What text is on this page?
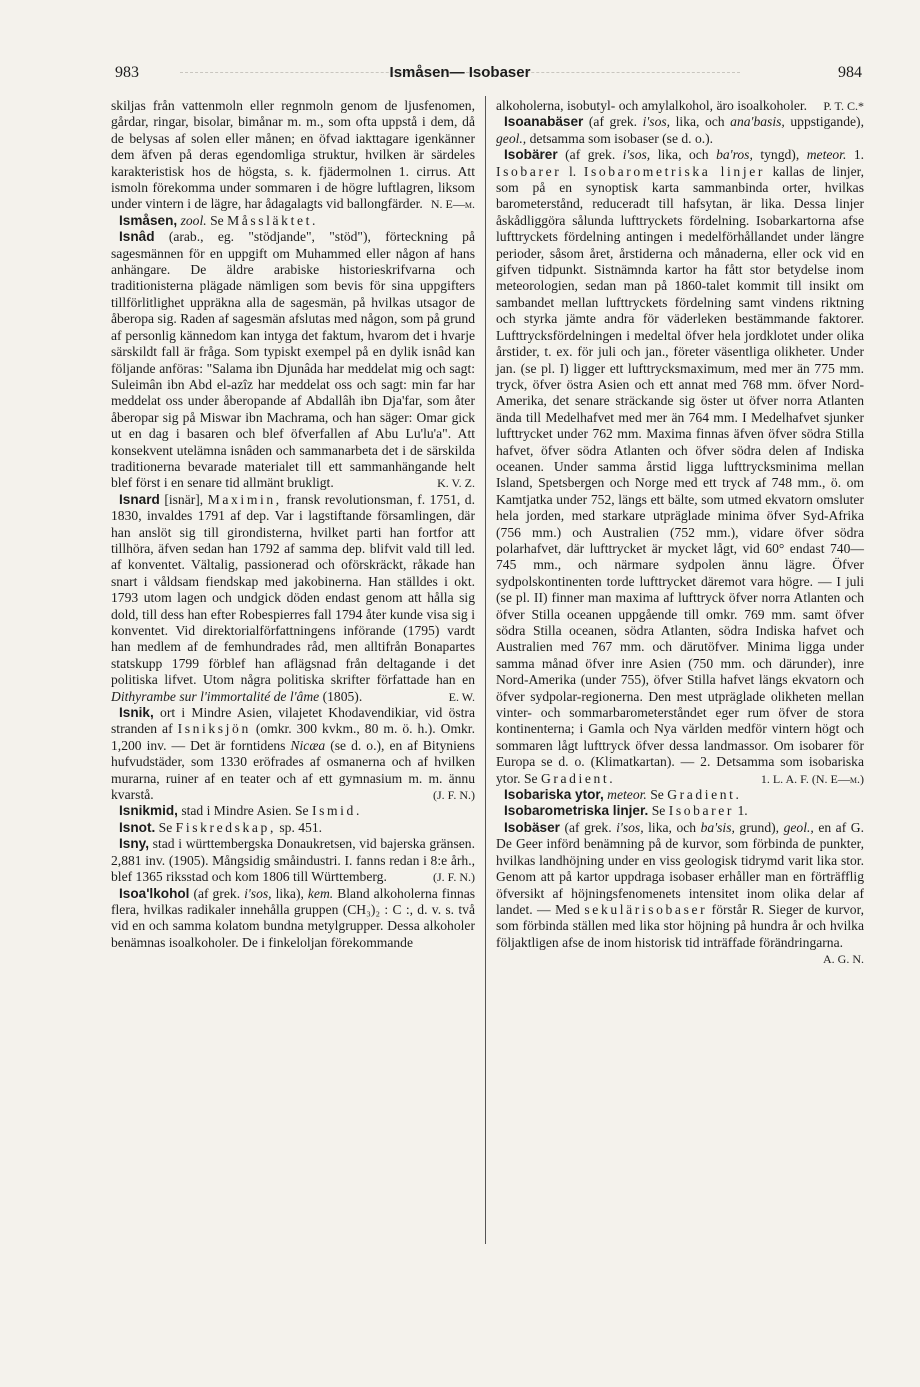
983	Ismåsen— Isobaser	984

skiljas från vattenmoln eller regnmoln genom de ljusfenomen, gårdar, ringar, bisolar, bimånar m. m., som ofta uppstå i dem, då de belysas af solen eller månen; en öfvad iakttagare igenkänner dem äfven på deras egendomliga struktur, hvilken är särdeles karakteristisk hos de högsta, s. k. fjädermolnen 1. cirrus. Att ismoln förekomma under sommaren i de högre luftlagren, liksom under vintern i de lägre, har ådagalagts vid ballongfärder. N. E—m.

Ismåsen, zool. Se Måssläktet.

Isnâd (arab., eg. "stödjande", "stöd"), förteckning på sagesmännen för en uppgift om Muhammed eller någon af hans anhängare. De äldre arabiske historieskrifvarna och traditionisterna plägade nämligen som bevis för sina uppgifters tillförlitlighet uppräkna alla de sagesmän, på hvilkas utsagor de åberopa sig. Raden af sagesmän afslutas med någon, som på grund af personlig kännedom kan intyga det faktum, hvarom det i hvarje särskildt fall är fråga. Som typiskt exempel på en dylik isnâd kan följande anföras: "Salama ibn Djunâda har meddelat mig och sagt: Suleimân ibn Abd el-azîz har meddelat oss och sagt: min far har meddelat oss under åberopande af Abdallâh ibn Dja'far, som åter åberopar sig på Miswar ibn Machrama, och han säger: Omar gick ut en dag i basaren och blef öfverfallen af Abu Lu'lu'a". Att konsekvent utelämna isnâden och sammanarbeta det i de särskilda traditionerna bevarade materialet till ett sammanhängande helt blef först i en senare tid allmänt brukligt.	K. V. Z.

Isnard [isnär], Maximin, fransk revolutionsman, f. 1751, d. 1830, invaldes 1791 af dep. Var i lagstiftande församlingen, där han anslöt sig till girondisterna, hvilket parti han fortfor att tillhöra, äfven sedan han 1792 af samma dep. blifvit vald till led. af konventet. Vältalig, passionerad och oförskräckt, råkade han snart i våldsam fiendskap med jakobinerna. Han ställdes i okt. 1793 utom lagen och undgick döden endast genom att hålla sig dold, till dess han efter Robespierres fall 1794 åter kunde visa sig i konventet. Vid direktorialförfattningens införande (1795) vardt han medlem af de femhundrades råd, men alltifrån Bonapartes statskupp 1799 förblef han aflägsnad från deltagande i det politiska lifvet. Utom några politiska skrifter författade han en Dithyrambe sur l'immortalité de l'âme (1805).	E. W.

Isnik, ort i Mindre Asien, vilajetet Khodavendikiar, vid östra stranden af Isniksjön (omkr. 300 kvkm., 80 m. ö. h.). Omkr. 1,200 inv. — Det är forntidens Nicæa (se d. o.), en af Bityniens hufvudstäder, som 1330 eröfrades af osmanerna och af hvilken murarna, ruiner af en teater och af ett gymnasium m. m. ännu kvarstå.	(J. F. N.)

Isnikmid, stad i Mindre Asien. Se Ismid.

Isnot. Se Fiskredskap, sp. 451.

Isny, stad i württembergska Donaukretsen, vid bajerska gränsen. 2,881 inv. (1905). Mångsidig småindustri. I. fanns redan i 8:e årh., blef 1365 riksstad och kom 1806 till Württemberg.	(J. F. N.)

Isoa'lkohol (af grek. i'sos, lika), kem. Bland alkoholerna finnas flera, hvilkas radikaler innehålla gruppen (CH₃)₂ : C :, d. v. s. två vid en och samma kolatom bundna metylgrupper. Dessa alkoholer benämnas isoalkoholer. De i finkeloljan förekommande

alkoholerna, isobutyl- och amylalkohol, äro isoalkoholer.	P. T. C.*

Isoanabäser (af grek. i'sos, lika, och ana'basis, uppstigande), geol., detsamma som isobaser (se d. o.).

Isobärer (af grek. i'sos, lika, och ba'ros, tyngd), meteor. 1. Isobarer l. Isobarometriska linjer kallas de linjer, som på en synoptisk karta sammanbinda orter, hvilkas barometerstånd, reduceradt till hafsytan, är lika. Dessa linjer åskådliggöra sålunda lufttryckets fördelning. Isobarkartorna afse lufttryckets fördelning antingen i medelförhållandet under längre perioder, såsom året, årstiderna och månaderna, eller ock vid en gifven tidpunkt. Sistnämnda kartor ha fått stor betydelse inom meteorologien, sedan man på 1860-talet kommit till insikt om sambandet mellan lufttryckets fördelning samt vindens riktning och styrka jämte andra för väderleken bestämmande faktorer. Lufttrycksfördelningen i medeltal öfver hela jordklotet under olika årstider, t. ex. för juli och jan., företer väsentliga olikheter. Under jan. (se pl. I) ligger ett lufttrycksmaximum, med mer än 775 mm. tryck, öfver östra Asien och ett annat med 768 mm. öfver Nord-Amerika, det senare sträckande sig öster ut öfver norra Atlanten ända till Medelhafvet med mer än 764 mm. I Medelhafvet sjunker lufttrycket under 762 mm. Maxima finnas äfven öfver södra Stilla hafvet, öfver södra Atlanten och öfver södra delen af Indiska oceanen. Under samma årstid ligga lufttrycksminima mellan Island, Spetsbergen och Norge med ett tryck af 748 mm., ö. om Kamtjatka under 752, längs ett bälte, som utmed ekvatorn omsluter hela jorden, med starkare utpräglade minima öfver Syd-Afrika (756 mm.) och Australien (752 mm.), vidare öfver södra polarhafvet, där lufttrycket är mycket lågt, vid 60° endast 740—745 mm., och närmare sydpolen ännu lägre. Öfver sydpolskontinenten torde lufttrycket däremot vara högre. — I juli (se pl. II) finner man maxima af lufttryck öfver norra Atlanten och öfver Stilla oceanen uppgående till omkr. 769 mm. samt öfver södra Stilla oceanen, södra Atlanten, södra Indiska hafvet och Australien med 767 mm. och därutöfver. Minima ligga under samma månad öfver inre Asien (750 mm. och därunder), inre Nord-Amerika (under 755), öfver Stilla hafvet längs ekvatorn och öfver sydpolar-regionerna. Den mest utpräglade olikheten mellan vinter- och sommarbarometerståndet eger rum öfver de stora kontinenterna; i Gamla och Nya världen medför vintern högt och sommaren lågt lufttryck öfver dessa landmassor. Om isobarer för Europa se d. o. (Klimatkartan). — 2. Detsamma som isobariska ytor. Se Gradient.	1. L. A. F. (N. E—m.)

Isobariska ytor, meteor. Se Gradient.

Isobarometriska linjer. Se Isobarer 1.

Isobäser (af grek. i'sos, lika, och ba'sis, grund), geol., en af G. De Geer införd benämning på de kurvor, som förbinda de punkter, hvilkas landhöjning under en viss geologisk tidrymd varit lika stor. Genom att på kartor uppdraga isobaser erhåller man en förträfflig öfversikt af höjningsfenomenets intensitet inom olika delar af landet. — Med sekulärisobaser förstår R. Sieger de kurvor, som förbinda ställen med lika stor höjning på hundra år och hvilka följaktligen afse de inom historisk tid inträffade förändringarna.
A. G. N.
